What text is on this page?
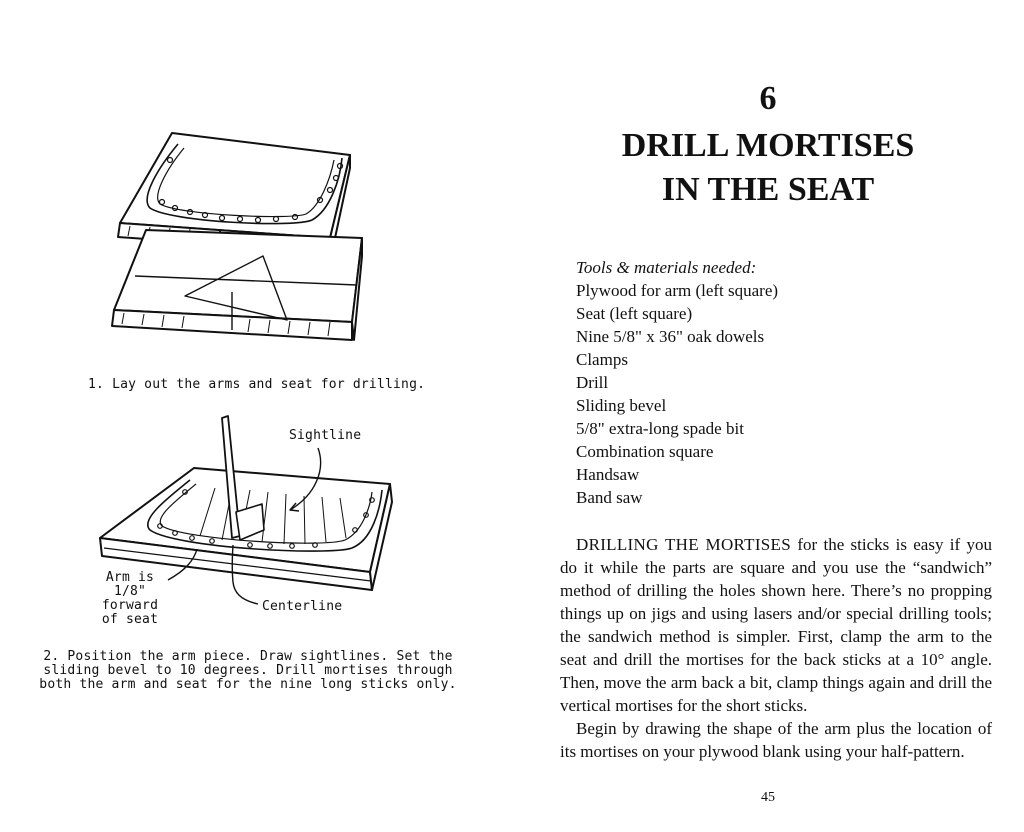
1. Lay out the arms and seat for drilling.
Sightline
Arm is 1/8" forward of seat
Centerline
2. Position the arm piece. Draw sightlines. Set the sliding bevel to 10 degrees. Drill mortises through both the arm and seat for the nine long sticks only.
6
DRILL MORTISES
IN THE SEAT
Tools & materials needed:
Plywood for arm (left square)
Seat (left square)
Nine 5/8" x 36" oak dowels
Clamps
Drill
Sliding bevel
5/8" extra-long spade bit
Combination square
Handsaw
Band saw

DRILLING THE MORTISES for the sticks is easy if you do it while the parts are square and you use the “sandwich” method of drilling the holes shown here. There’s no propping things up on jigs and using lasers and/or special drilling tools; the sandwich method is simpler. First, clamp the arm to the seat and drill the mortises for the back sticks at a 10° angle. Then, move the arm back a bit, clamp things again and drill the vertical mortises for the short sticks.

Begin by drawing the shape of the arm plus the location of its mortises on your plywood blank using your half-pattern.

45
